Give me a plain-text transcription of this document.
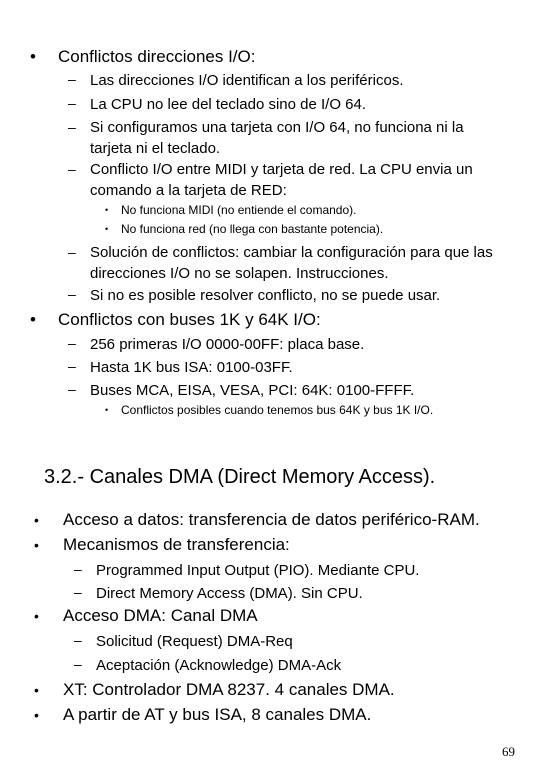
• Conflictos direcciones I/O:
– Las direcciones I/O identifican a los periféricos.
– La CPU no lee del teclado sino de I/O 64.
– Si configuramos una tarjeta con I/O 64, no funciona ni la tarjeta ni el teclado.
– Conflicto I/O entre MIDI y tarjeta de red. La CPU envia un comando a la tarjeta de RED:
• No funciona MIDI (no entiende el comando).
• No funciona red (no llega con bastante potencia).
– Solución de conflictos: cambiar la configuración para que las direcciones I/O no se solapen. Instrucciones.
– Si no es posible resolver conflicto, no se puede usar.
• Conflictos con buses 1K y 64K I/O:
– 256 primeras I/O 0000-00FF: placa base.
– Hasta 1K bus ISA: 0100-03FF.
– Buses MCA, EISA, VESA, PCI: 64K: 0100-FFFF.
• Conflictos posibles cuando tenemos bus 64K y bus 1K I/O.
3.2.- Canales DMA (Direct Memory Access).
• Acceso a datos: transferencia de datos periférico-RAM.
• Mecanismos de transferencia:
– Programmed Input Output (PIO). Mediante CPU.
– Direct Memory Access (DMA). Sin CPU.
• Acceso DMA: Canal DMA
– Solicitud (Request) DMA-Req
– Aceptación (Acknowledge) DMA-Ack
• XT: Controlador DMA 8237. 4 canales DMA.
• A partir de AT y bus ISA, 8 canales DMA.
69
